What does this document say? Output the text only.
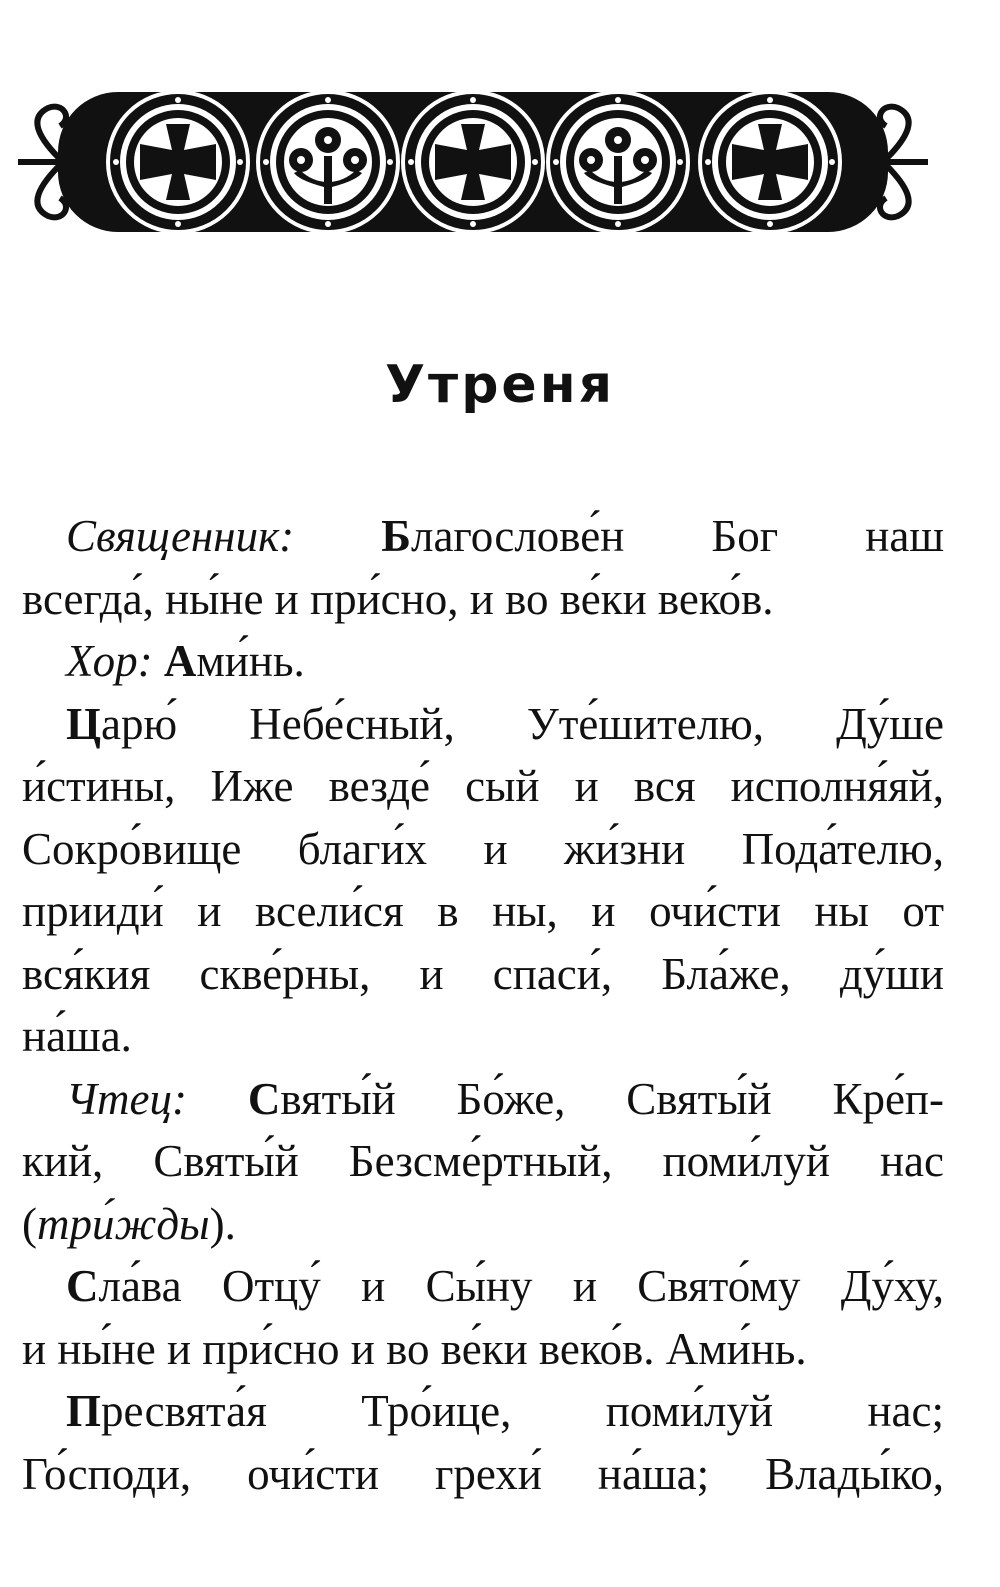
Утреня
Священник: Благослове́н Бог наш
всегда́, ны́не и при́сно, и во ве́ки веко́в.
Хор: Ами́нь.
Царю́ Небе́сный, Уте́шителю, Ду́ше
и́стины, Иже везде́ сый и вся исполня́яй,
Сокро́вище благи́х и жи́зни Пода́телю,
прииди́ и всели́ся в ны, и очи́сти ны от
вся́кия скве́рны, и спаси́, Бла́же, ду́ши
на́ша.
Чтец: Святы́й Бо́же, Святы́й Кре́п-
кий, Святы́й Безсме́ртный, поми́луй нас
(три́жды).
Сла́ва Отцу́ и Сы́ну и Свято́му Ду́ху,
и ны́не и при́сно и во ве́ки веко́в. Ами́нь.
Пресвята́я Тро́ице, поми́луй нас;
Го́споди, очи́сти грехи́ на́ша; Влады́ко,
